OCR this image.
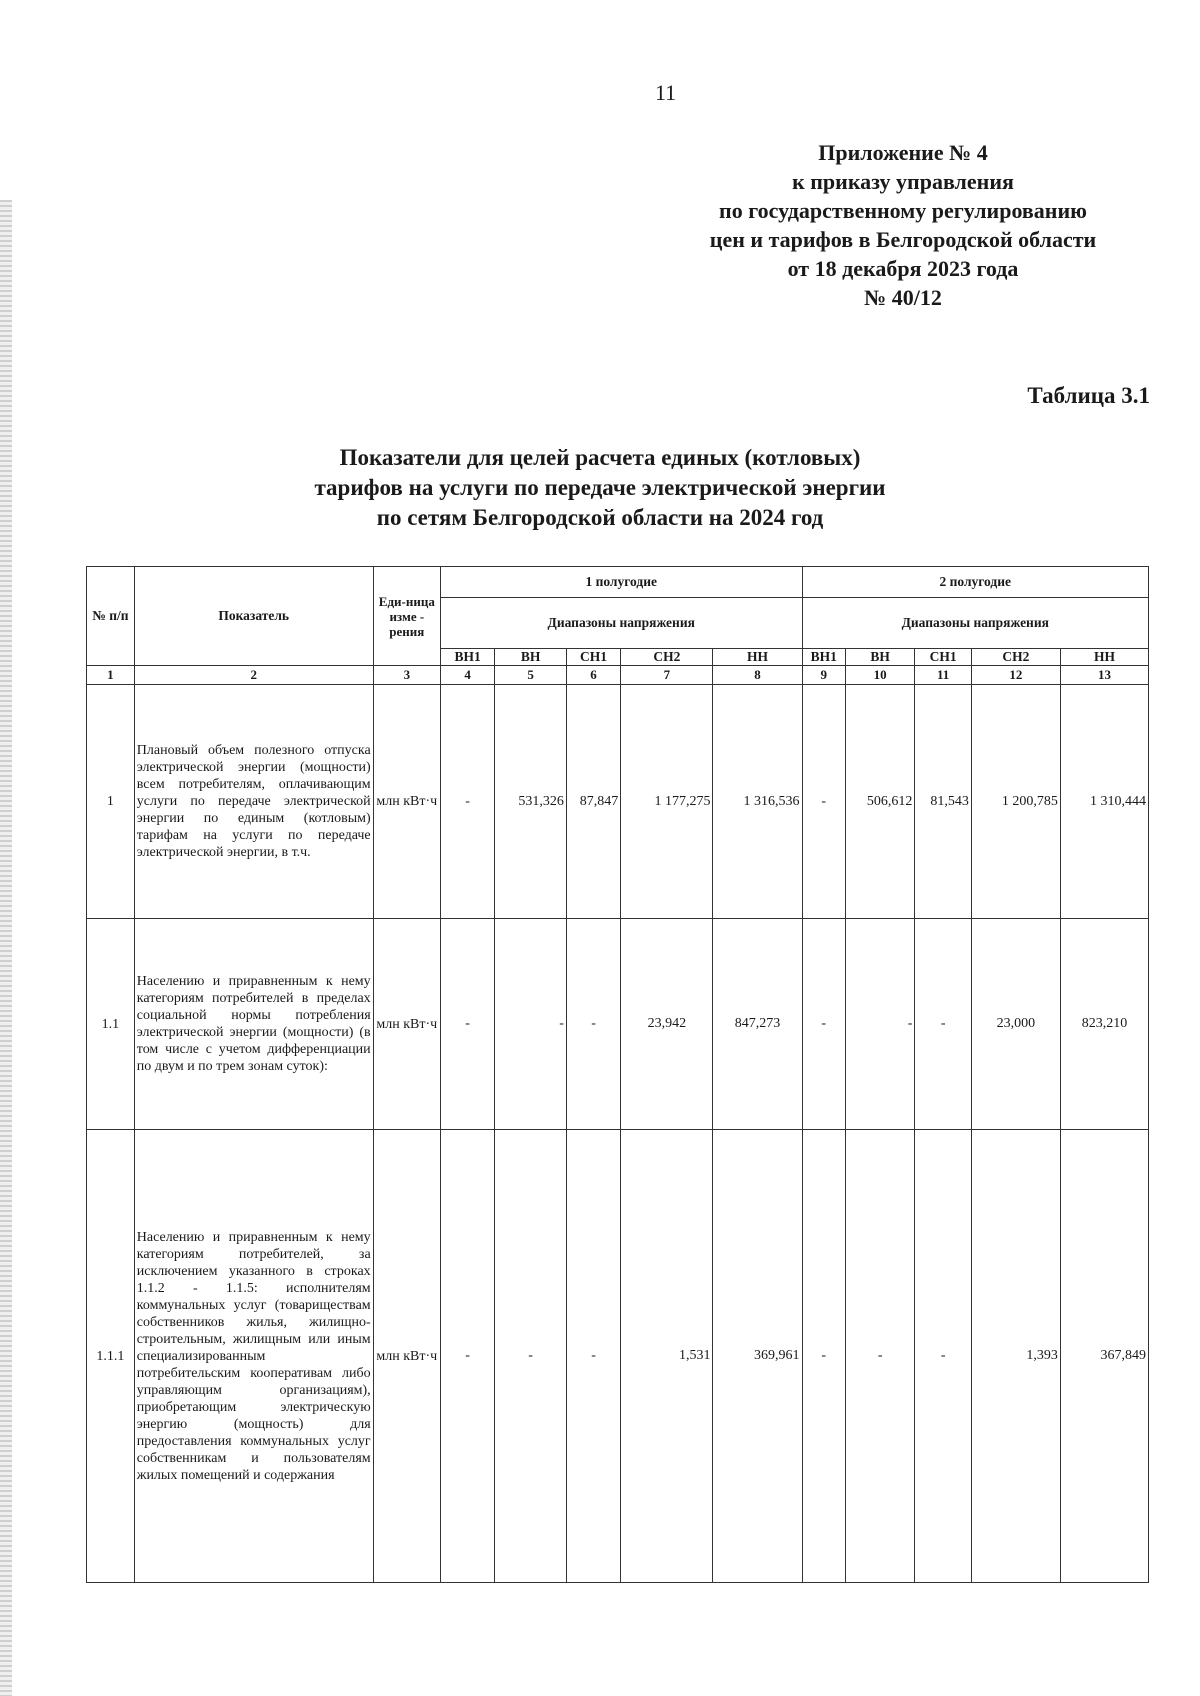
11
Приложение № 4
к приказу управления
по государственному регулированию
цен и тарифов в Белгородской области
от 18 декабря 2023 года
№ 40/12
Таблица 3.1
Показатели для целей расчета единых (котловых)
тарифов на услуги по передаче электрической энергии
по сетям Белгородской области на 2024 год
№ п/п	Показатель	Еди-ница изме - рения	1 полугодие					2 полугодие				
			Диапазоны напряжения					Диапазоны напряжения				
			ВН1	ВН	СН1	СН2	НН	ВН1	ВН	СН1	СН2	НН
1	2	3	4	5	6	7	8	9	10	11	12	13
1	Плановый объем полезного отпуска электрической энергии (мощности) всем потребителям, оплачивающим услуги по передаче электрической энергии по единым (котловым) тарифам на услуги по передаче электрической энергии, в т.ч.	млн кВт·ч	-	531,326	87,847	1 177,275	1 316,536	-	506,612	81,543	1 200,785	1 310,444
1.1	Населению и приравненным к нему категориям потребителей в пределах социальной нормы потребления электрической энергии (мощности) (в том числе с учетом дифференциации по двум и по трем зонам суток):	млн кВт·ч	-	-	-	23,942	847,273	-	-	-	23,000	823,210
1.1.1	Населению и приравненным к нему категориям потребителей, за исключением указанного в строках 1.1.2 - 1.1.5: исполнителям коммунальных услуг (товариществам собственников жилья, жилищно-строительным, жилищным или иным специализированным потребительским кооперативам либо управляющим организациям), приобретающим электрическую энергию (мощность) для предоставления коммунальных услуг собственникам и пользователям жилых помещений и содержания	млн кВт·ч	-	-	-	1,531	369,961	-	-	-	1,393	367,849
